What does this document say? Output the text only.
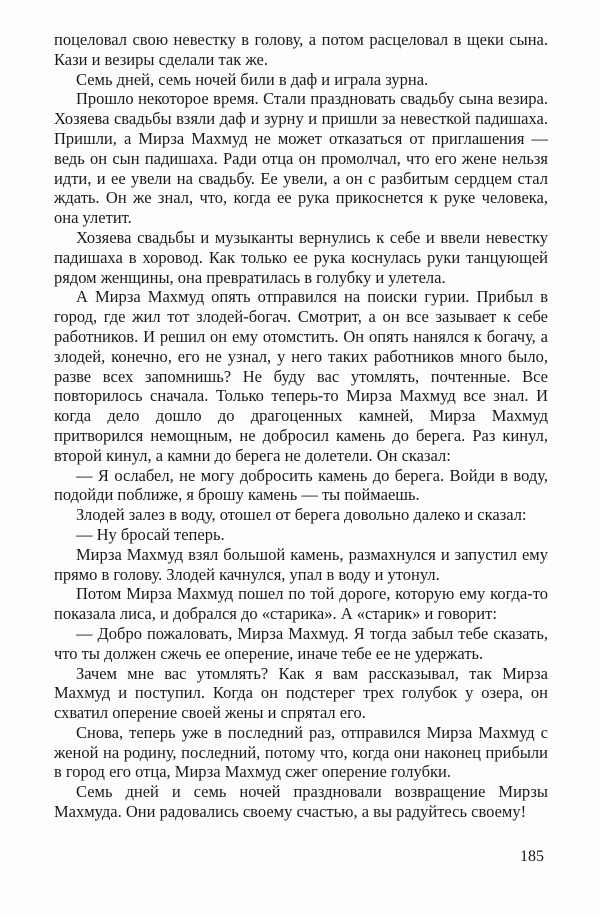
поцеловал свою невестку в голову, а потом расцеловал в щеки сына. Кази и везиры сделали так же.

Семь дней, семь ночей били в даф и играла зурна.

Прошло некоторое время. Стали праздновать свадьбу сына везира. Хозяева свадьбы взяли даф и зурну и пришли за невесткой падишаха. Пришли, а Мирза Махмуд не может отказаться от приглашения — ведь он сын падишаха. Ради отца он промолчал, что его жене нельзя идти, и ее увели на свадьбу. Ее увели, а он с разбитым сердцем стал ждать. Он же знал, что, когда ее рука прикоснется к руке человека, она улетит.

Хозяева свадьбы и музыканты вернулись к себе и ввели невестку падишаха в хоровод. Как только ее рука коснулась руки танцующей рядом женщины, она превратилась в голубку и улетела.

А Мирза Махмуд опять отправился на поиски гурии. Прибыл в город, где жил тот злодей-богач. Смотрит, а он все зазывает к себе работников. И решил он ему отомстить. Он опять нанялся к богачу, а злодей, конечно, его не узнал, у него таких работников много было, разве всех запомнишь? Не буду вас утомлять, почтенные. Все повторилось сначала. Только теперь-то Мирза Махмуд все знал. И когда дело дошло до драгоценных камней, Мирза Махмуд притворился немощным, не добросил камень до берега. Раз кинул, второй кинул, а камни до берега не долетели. Он сказал:

— Я ослабел, не могу добросить камень до берега. Войди в воду, подойди поближе, я брошу камень — ты поймаешь.

Злодей залез в воду, отошел от берега довольно далеко и сказал:

— Ну бросай теперь.

Мирза Махмуд взял большой камень, размахнулся и запустил ему прямо в голову. Злодей качнулся, упал в воду и утонул.

Потом Мирза Махмуд пошел по той дороге, которую ему когда-то показала лиса, и добрался до «старика». А «старик» и говорит:

— Добро пожаловать, Мирза Махмуд. Я тогда забыл тебе сказать, что ты должен сжечь ее оперение, иначе тебе ее не удержать.

Зачем мне вас утомлять? Как я вам рассказывал, так Мирза Махмуд и поступил. Когда он подстерег трех голубок у озера, он схватил оперение своей жены и спрятал его.

Снова, теперь уже в последний раз, отправился Мирза Махмуд с женой на родину, последний, потому что, когда они наконец прибыли в город его отца, Мирза Махмуд сжег оперение голубки.

Семь дней и семь ночей праздновали возвращение Мирзы Махмуда. Они радовались своему счастью, а вы радуйтесь своему!

185
